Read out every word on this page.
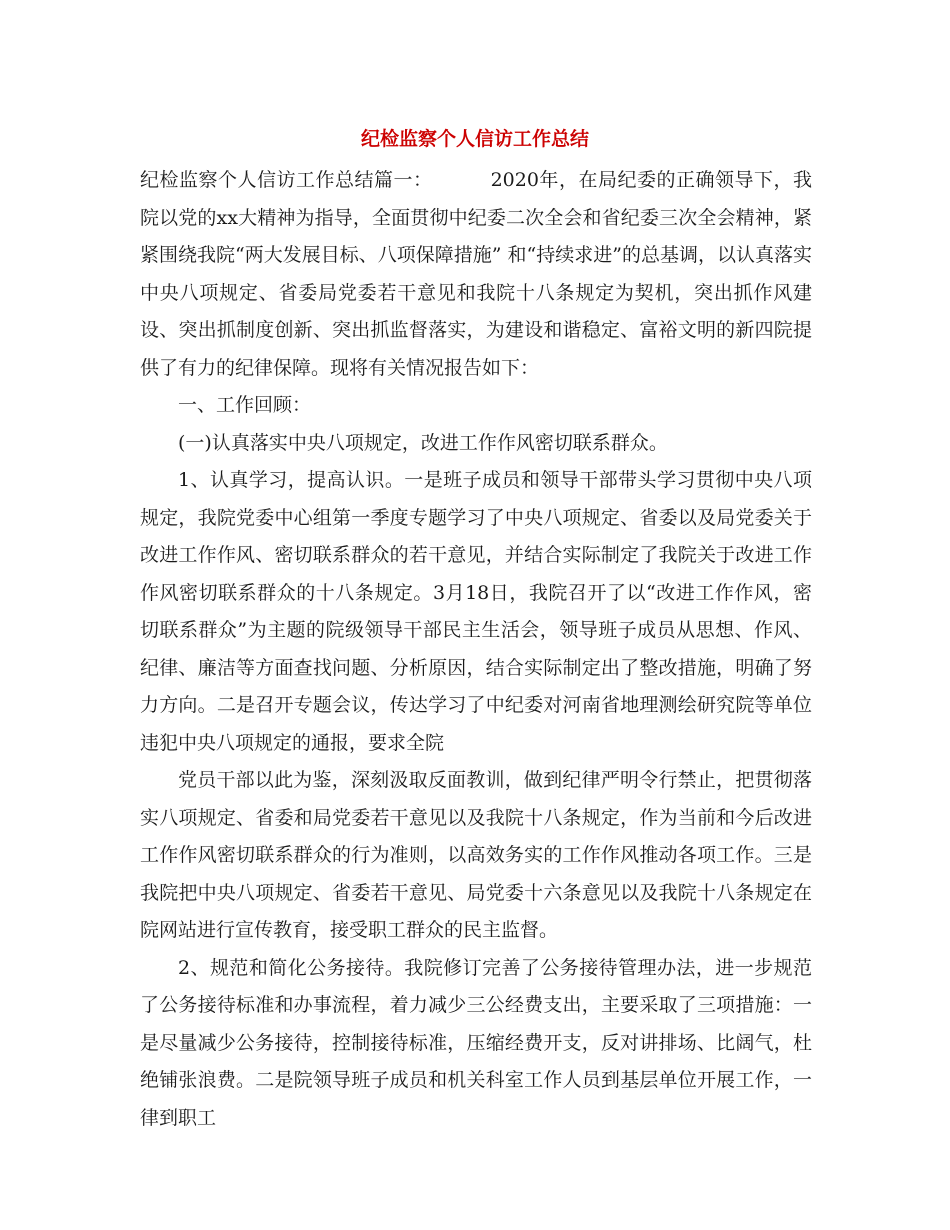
纪检监察个人信访工作总结

纪检监察个人信访工作总结篇一：	2020年，在局纪委的正确领导下，我院以党的xx大精神为指导，全面贯彻中纪委二次全会和省纪委三次全会精神，紧紧围绕我院“两大发展目标、八项保障措施” 和“持续求进”的总基调，以认真落实中央八项规定、省委局党委若干意见和我院十八条规定为契机，突出抓作风建设、突出抓制度创新、突出抓监督落实，为建设和谐稳定、富裕文明的新四院提供了有力的纪律保障。现将有关情况报告如下：

一、工作回顾：

(一)认真落实中央八项规定，改进工作作风密切联系群众。

1、认真学习，提高认识。一是班子成员和领导干部带头学习贯彻中央八项规定，我院党委中心组第一季度专题学习了中央八项规定、省委以及局党委关于改进工作作风、密切联系群众的若干意见，并结合实际制定了我院关于改进工作作风密切联系群众的十八条规定。3月18日，我院召开了以“改进工作作风，密切联系群众”为主题的院级领导干部民主生活会，领导班子成员从思想、作风、纪律、廉洁等方面查找问题、分析原因，结合实际制定出了整改措施，明确了努力方向。二是召开专题会议，传达学习了中纪委对河南省地理测绘研究院等单位违犯中央八项规定的通报，要求全院

党员干部以此为鉴，深刻汲取反面教训，做到纪律严明令行禁止，把贯彻落实八项规定、省委和局党委若干意见以及我院十八条规定，作为当前和今后改进工作作风密切联系群众的行为准则，以高效务实的工作作风推动各项工作。三是我院把中央八项规定、省委若干意见、局党委十六条意见以及我院十八条规定在院网站进行宣传教育，接受职工群众的民主监督。

2、规范和简化公务接待。我院修订完善了公务接待管理办法，进一步规范了公务接待标准和办事流程，着力减少三公经费支出，主要采取了三项措施：一是尽量减少公务接待，控制接待标准，压缩经费开支，反对讲排场、比阔气，杜绝铺张浪费。二是院领导班子成员和机关科室工作人员到基层单位开展工作，一律到职工
